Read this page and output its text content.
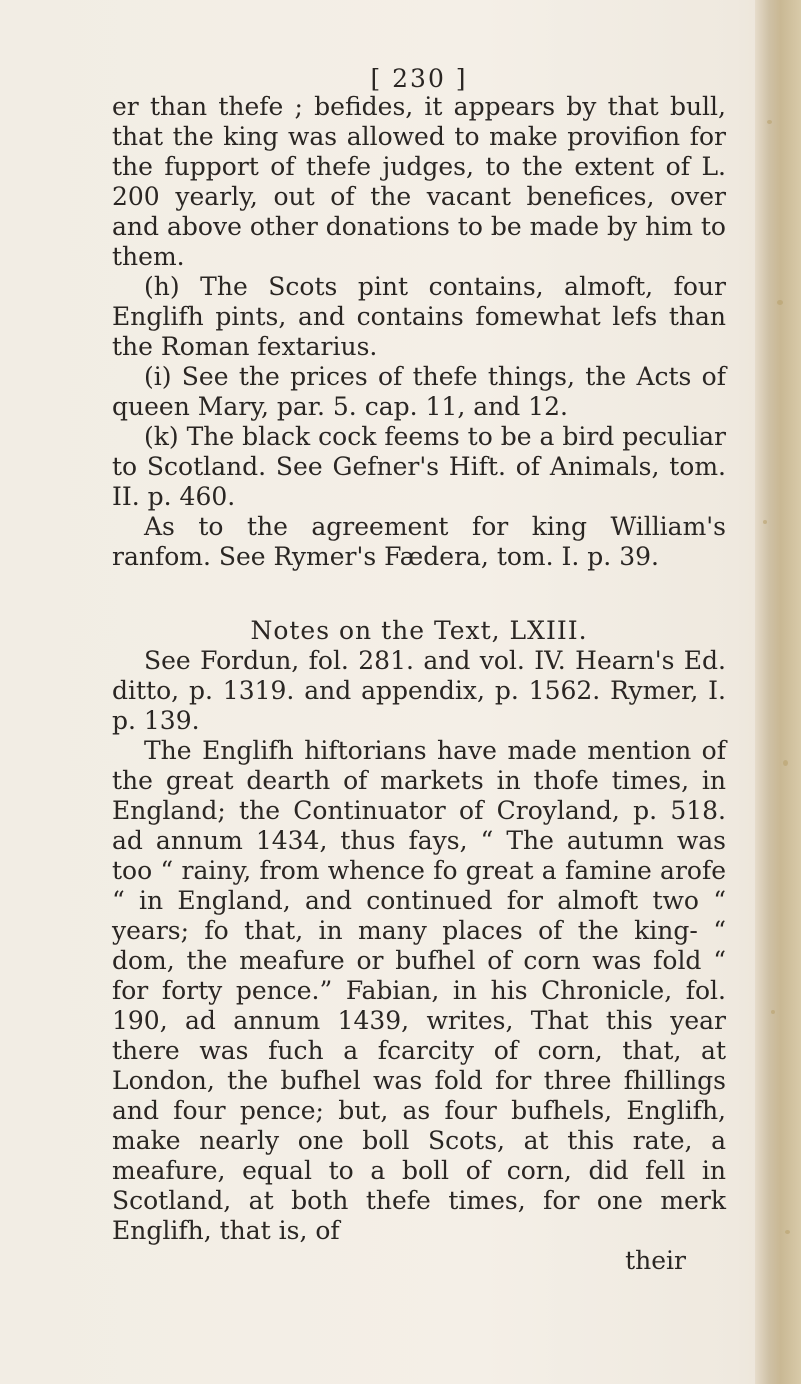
[ 230 ]

er than thefe ; befides, it appears by that bull, that the king was allowed to make provifion for the fupport of thefe judges, to the extent of L. 200 yearly, out of the vacant benefices, over and above other donations to be made by him to them.

(h) The Scots pint contains, almoft, four Englifh pints, and contains fomewhat lefs than the Roman fextarius.

(i) See the prices of thefe things, the Acts of queen Mary, par. 5. cap. 11, and 12.

(k) The black cock feems to be a bird peculiar to Scotland. See Gefner's Hift. of Animals, tom. II. p. 460.

As to the agreement for king William's ranfom. See Rymer's Fædera, tom. I. p. 39.

Notes on the Text, LXIII.

See Fordun, fol. 281. and vol. IV. Hearn's Ed. ditto, p. 1319. and appendix, p. 1562. Rymer, I. p. 139.

The Englifh hiftorians have made mention of the great dearth of markets in thofe times, in England; the Continuator of Croyland, p. 518. ad annum 1434, thus fays, “ The autumn was too “ rainy, from whence fo great a famine arofe “ in England, and continued for almoft two “ years; fo that, in many places of the king- “ dom, the meafure or bufhel of corn was fold “ for forty pence.” Fabian, in his Chronicle, fol. 190, ad annum 1439, writes, That this year there was fuch a fcarcity of corn, that, at London, the bufhel was fold for three fhillings and four pence; but, as four bufhels, Englifh, make nearly one boll Scots, at this rate, a meafure, equal to a boll of corn, did fell in Scotland, at both thefe times, for one merk Englifh, that is, of

their
